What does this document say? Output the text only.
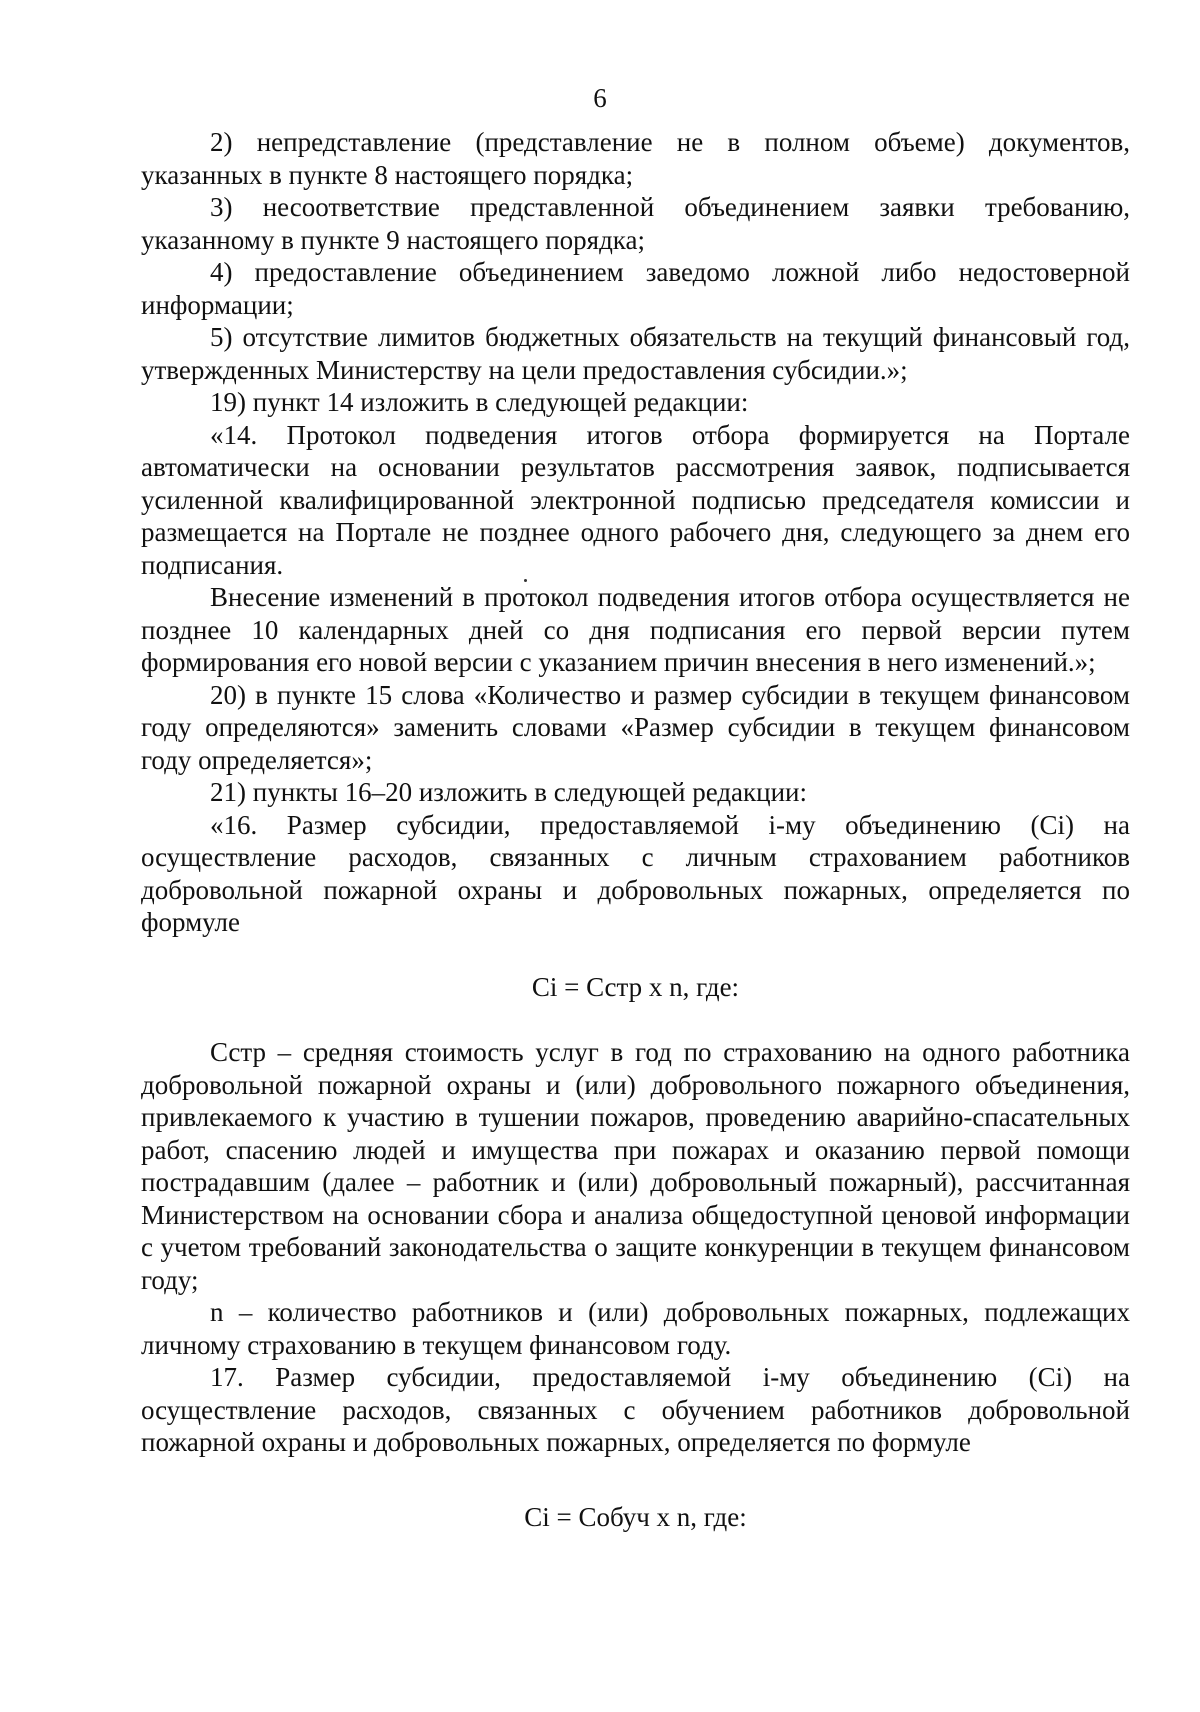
6

2) непредставление (представление не в полном объеме) документов, указанных в пункте 8 настоящего порядка;

3) несоответствие представленной объединением заявки требованию, указанному в пункте 9 настоящего порядка;

4) предоставление объединением заведомо ложной либо недостоверной информации;

5) отсутствие лимитов бюджетных обязательств на текущий финансовый год, утвержденных Министерству на цели предоставления субсидии.»;

19) пункт 14 изложить в следующей редакции:

«14. Протокол подведения итогов отбора формируется на Портале автоматически на основании результатов рассмотрения заявок, подписывается усиленной квалифицированной электронной подписью председателя комиссии и размещается на Портале не позднее одного рабочего дня, следующего за днем его подписания.

Внесение изменений в протокол подведения итогов отбора осуществляется не позднее 10 календарных дней со дня подписания его первой версии путем формирования его новой версии с указанием причин внесения в него изменений.»;

20) в пункте 15 слова «Количество и размер субсидии в текущем финансовом году определяются» заменить словами «Размер субсидии в текущем финансовом году определяется»;

21) пункты 16–20 изложить в следующей редакции:

«16. Размер субсидии, предоставляемой i-му объединению (Ci) на осуществление расходов, связанных с личным страхованием работников добровольной пожарной охраны и добровольных пожарных, определяется по формуле

Ci = Сстр x n, где:

Сстр – средняя стоимость услуг в год по страхованию на одного работника добровольной пожарной охраны и (или) добровольного пожарного объединения, привлекаемого к участию в тушении пожаров, проведению аварийно-спасательных работ, спасению людей и имущества при пожарах и оказанию первой помощи пострадавшим (далее – работник и (или) добровольный пожарный), рассчитанная Министерством на основании сбора и анализа общедоступной ценовой информации с учетом требований законодательства о защите конкуренции в текущем финансовом году;

n – количество работников и (или) добровольных пожарных, подлежащих личному страхованию в текущем финансовом году.

17. Размер субсидии, предоставляемой i-му объединению (Ci) на осуществление расходов, связанных с обучением работников добровольной пожарной охраны и добровольных пожарных, определяется по формуле

Ci = Собуч x n, где:
